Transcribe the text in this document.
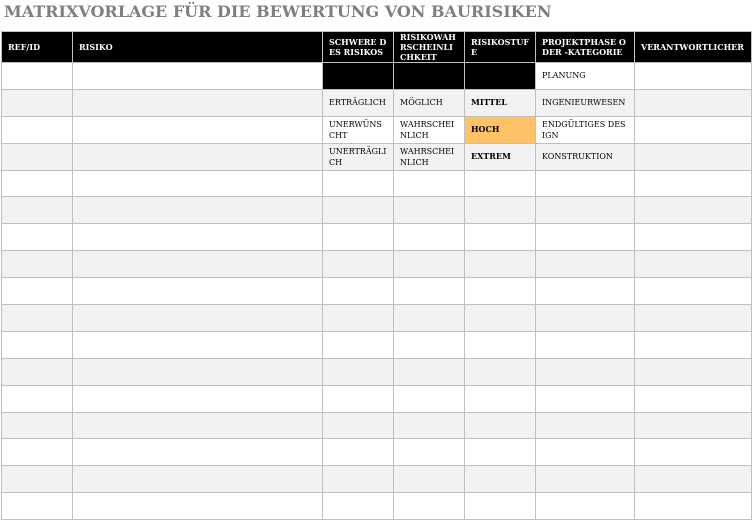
MATRIXVORLAGE FÜR DIE BEWERTUNG VON BAURISIKEN
REF/ID	RISIKO	SCHWERE DES RISIKOS	RISIKOWAHRSCHEINLICHKEIT	RISIKOSTUFE	PROJEKTPHASE ODER -KATEGORIE	VERANTWORTLICHER
					PLANUNG	
		ERTRÄGLICH	MÖGLICH	MITTEL	INGENIEURWESEN	
		UNERWÜNSCHT	WAHRSCHEINLICH	HOCH	ENDGÜLTIGES DESIGN	
		UNERTRÄGLICH	WAHRSCHEINLICH	EXTREM	KONSTRUKTION	
